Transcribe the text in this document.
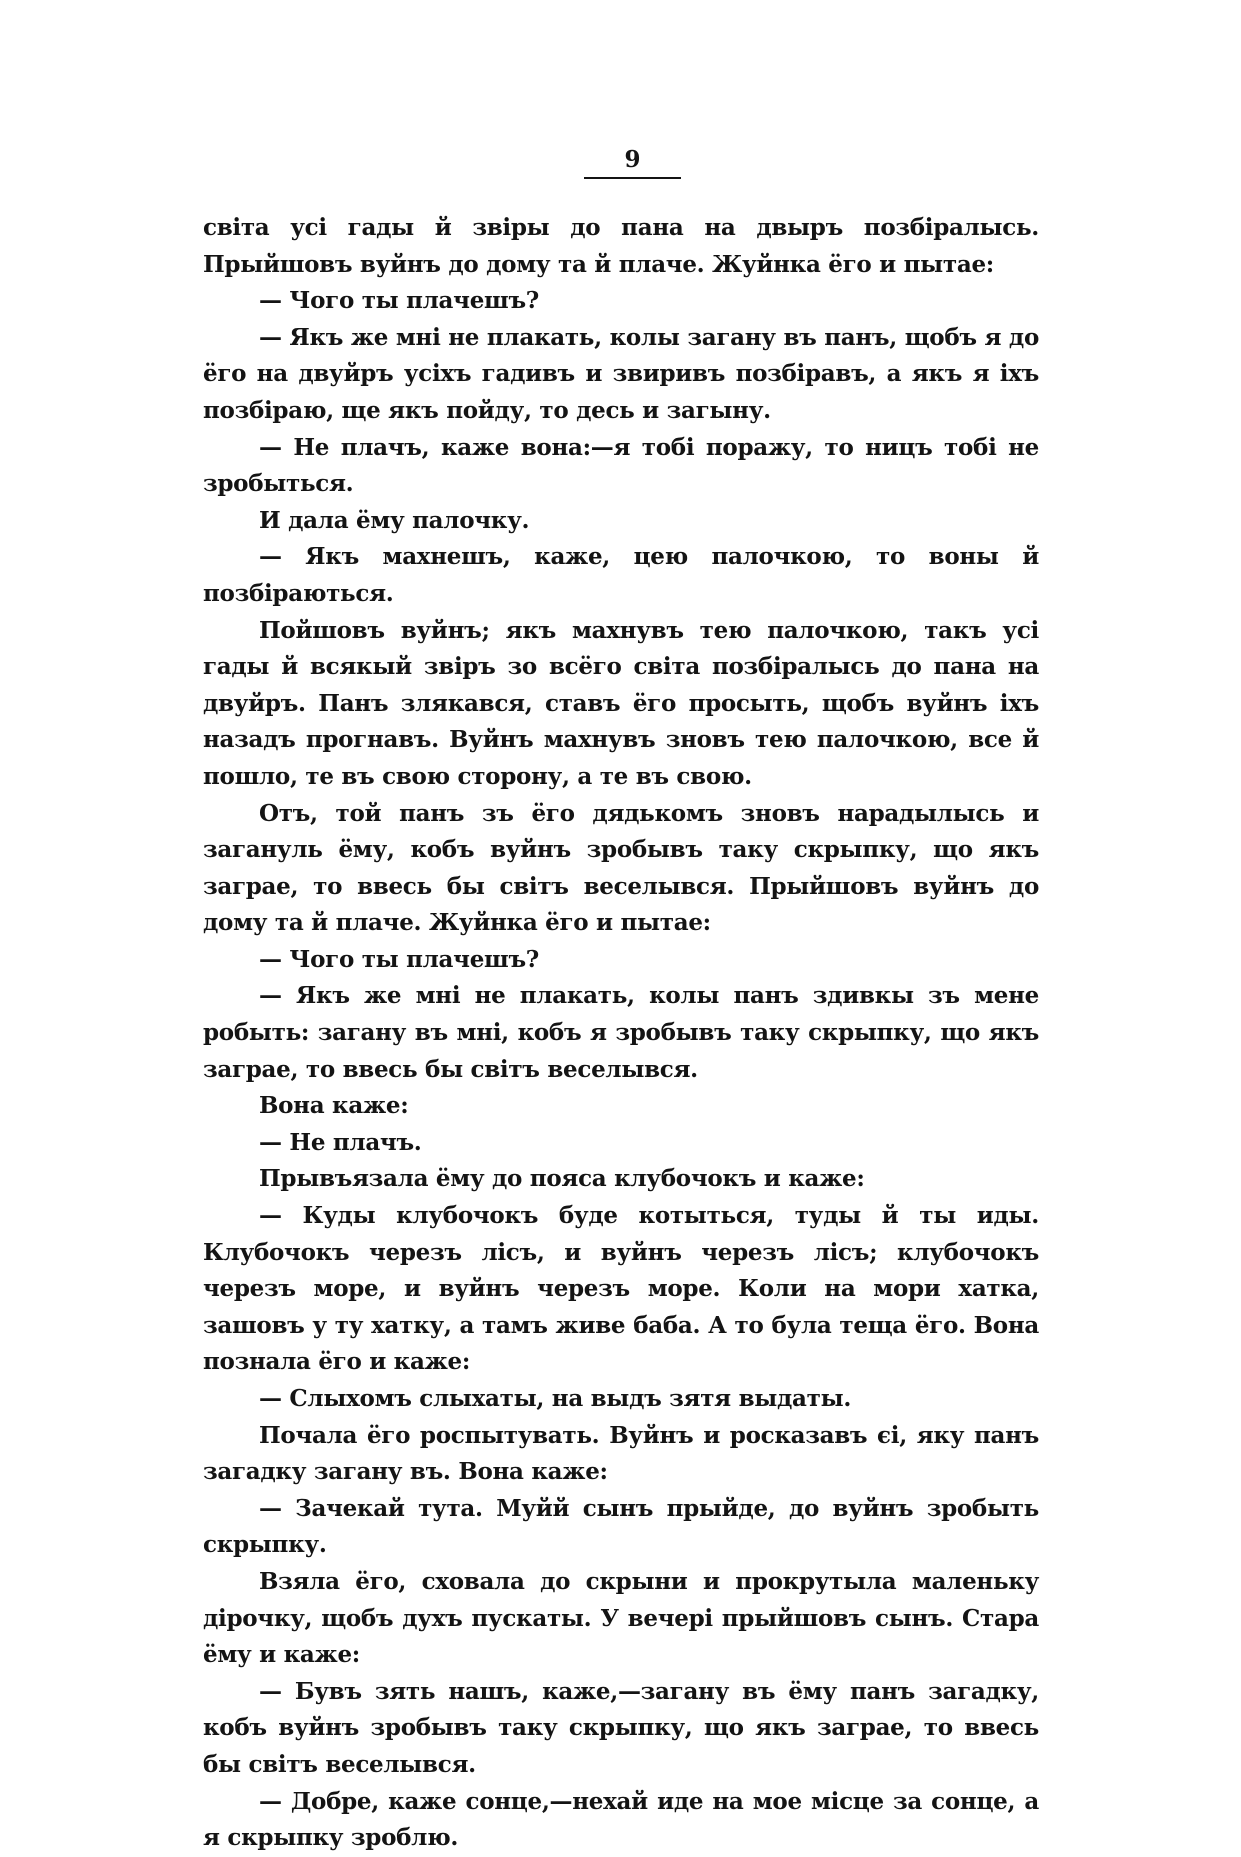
9

світа усі гады й звіры до пана на двыръ позбіралысь. Прыйшовъ вуйнъ до дому та й плаче. Жуйнка ёго и пытае:

— Чого ты плачешъ?

— Якъ же мні не плакать, колы загану въ панъ, щобъ я до ёго на двуйръ усіхъ гадивъ и звиривъ позбіравъ, а якъ я іхъ позбіраю, ще якъ пойду, то десь и загыну.

— Не плачъ, каже вона:—я тобі поражу, то ницъ тобі не зробыться.

И дала ёму палочку.

— Якъ махнешъ, каже, цею палочкою, то воны й позбіраються.

Пойшовъ вуйнъ; якъ махнувъ тею палочкою, такъ усі гады й всякый звіръ зо всёго світа позбіралысь до пана на двуйръ. Панъ злякався, ставъ ёго просыть, щобъ вуйнъ іхъ назадъ прогнавъ. Вуйнъ махнувъ зновъ тею палочкою, все й пошло, те въ свою сторону, а те въ свою.

Отъ, той панъ зъ ёго дядькомъ зновъ нарадылысь и загануль ёму, кобъ вуйнъ зробывъ таку скрыпку, що якъ заграе, то ввесь бы світъ веселывся. Прыйшовъ вуйнъ до дому та й плаче. Жуйнка ёго и пытае:

— Чого ты плачешъ?

— Якъ же мні не плакать, колы панъ здивкы зъ мене робыть: загану въ мні, кобъ я зробывъ таку скрыпку, що якъ заграе, то ввесь бы світъ веселывся.

Вона каже:

— Не плачъ.

Прывъязала ёму до пояса клубочокъ и каже:

— Куды клубочокъ буде котыться, туды й ты иды. Клубочокъ черезъ лісъ, и вуйнъ черезъ лісъ; клубочокъ черезъ море, и вуйнъ черезъ море. Коли на мори хатка, зашовъ у ту хатку, а тамъ живе баба. А то була теща ёго. Вона познала ёго и каже:

— Слыхомъ слыхаты, на выдъ зятя выдаты.

Почала ёго роспытувать. Вуйнъ и росказавъ єі, яку панъ загадку загану въ. Вона каже:

— Зачекай тута. Муйй сынъ прыйде, до вуйнъ зробыть скрыпку.

Взяла ёго, сховала до скрыни и прокрутыла маленьку дірочку, щобъ духъ пускаты. У вечері прыйшовъ сынъ. Стара ёму и каже:

— Бувъ зять нашъ, каже,—загану въ ёму панъ загадку, кобъ вуйнъ зробывъ таку скрыпку, що якъ заграе, то ввесь бы світъ веселывся.

— Добре, каже сонце,—нехай иде на мое місце за сонце, а я скрыпку зроблю.
